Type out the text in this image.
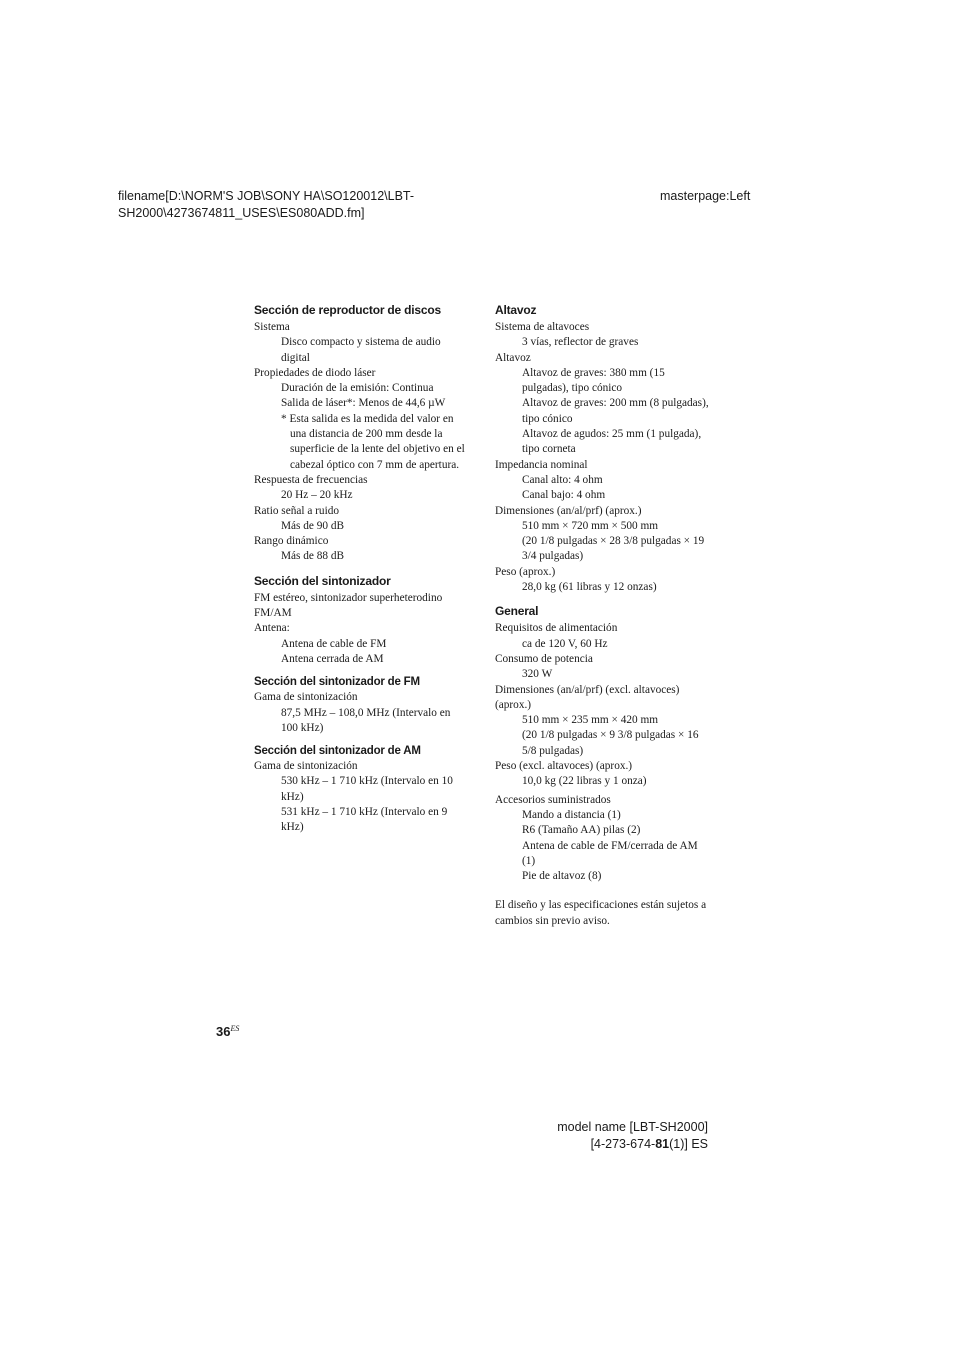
filename[D:\NORM'S JOB\SONY HA\SO120012\LBT-SH2000\4273674811_USES\ES080ADD.fm]
masterpage:Left
Sección de reproductor de discos
Sistema
Disco compacto y sistema de audio digital
Propiedades de diodo láser
Duración de la emisión: Continua
Salida de láser*: Menos de 44,6 µW
* Esta salida es la medida del valor en una distancia de 200 mm desde la superficie de la lente del objetivo en el cabezal óptico con 7 mm de apertura.
Respuesta de frecuencias
20 Hz – 20 kHz
Ratio señal a ruido
Más de 90 dB
Rango dinámico
Más de 88 dB
Sección del sintonizador
FM estéreo, sintonizador superheterodino FM/AM
Antena:
Antena de cable de FM
Antena cerrada de AM
Sección del sintonizador de FM
Gama de sintonización
87,5 MHz – 108,0 MHz (Intervalo en 100 kHz)
Sección del sintonizador de AM
Gama de sintonización
530 kHz – 1 710 kHz (Intervalo en 10 kHz)
531 kHz – 1 710 kHz (Intervalo en 9 kHz)
Altavoz
Sistema de altavoces
3 vías, reflector de graves
Altavoz
Altavoz de graves: 380 mm (15 pulgadas), tipo cónico
Altavoz de graves: 200 mm (8 pulgadas), tipo cónico
Altavoz de agudos: 25 mm (1 pulgada), tipo corneta
Impedancia nominal
Canal alto: 4 ohm
Canal bajo: 4 ohm
Dimensiones (an/al/prf) (aprox.)
510 mm × 720 mm × 500 mm
(20 1/8 pulgadas × 28 3/8 pulgadas × 19 3/4 pulgadas)
Peso (aprox.)
28,0 kg (61 libras y 12 onzas)
General
Requisitos de alimentación
ca de 120 V, 60 Hz
Consumo de potencia
320 W
Dimensiones (an/al/prf) (excl. altavoces) (aprox.)
510 mm × 235 mm × 420 mm
(20 1/8 pulgadas × 9 3/8 pulgadas × 16 5/8 pulgadas)
Peso (excl. altavoces) (aprox.)
10,0 kg (22 libras y 1 onza)
Accesorios suministrados
Mando a distancia (1)
R6 (Tamaño AA) pilas (2)
Antena de cable de FM/cerrada de AM (1)
Pie de altavoz (8)
El diseño y las especificaciones están sujetos a cambios sin previo aviso.
$36^{ES}$
model name [LBT-SH2000]
[4-273-674-81(1)] ES
